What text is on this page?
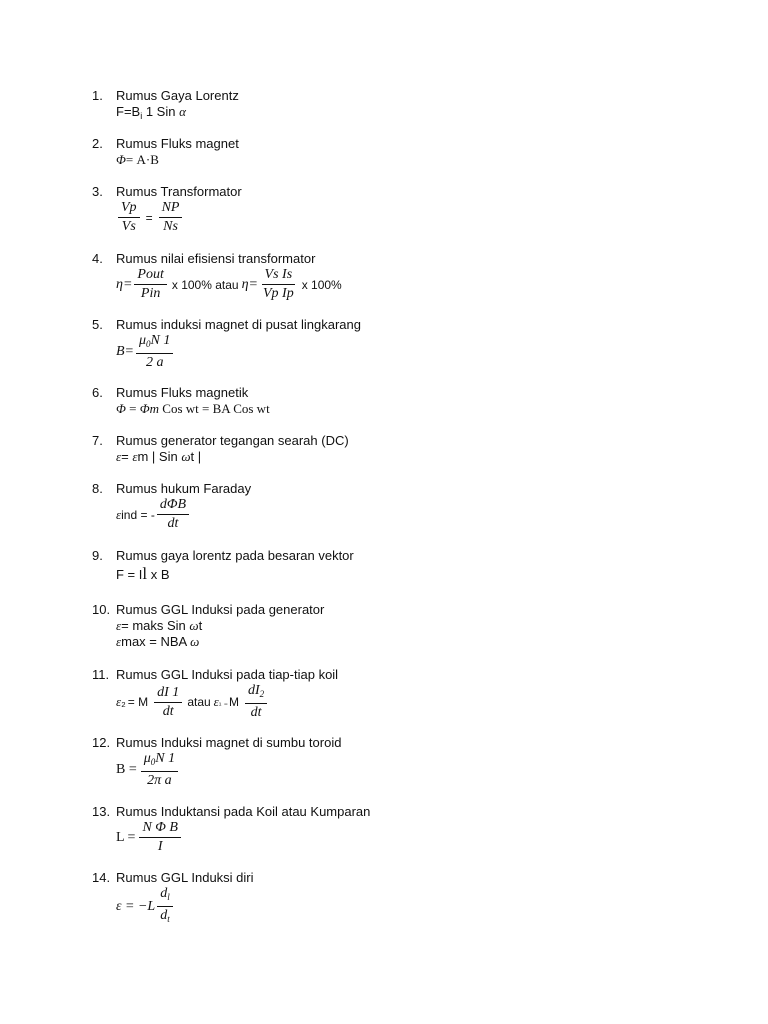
1. Rumus Gaya Lorentz
$F=B_i$ 1 Sin α
2. Rumus Fluks magnet
Φ= A·B
3. Rumus Transformator
$\frac{Vp}{Vs} = \frac{NP}{Ns}$
4. Rumus nilai efisiensi transformator
$\eta= \frac{\text{Pout}}{\text{Pin}}$ x 100% atau $\eta= \frac{\text{Vs Is}}{\text{Vp Ip}}$ x 100%
5. Rumus induksi magnet di pusat lingkarang
$B= \frac{\mu_0N 1}{2 a}$
6. Rumus Fluks magnetik
Φ = Φm Cos wt = BA Cos wt
7. Rumus generator tegangan searah (DC)
ε= εm | Sin ωt |
8. Rumus hukum Faraday
ε ind = - $\frac{\text{dΦB}}{dt}$
9. Rumus gaya lorentz pada besaran vektor
F = Il x B
10. Rumus GGL Induksi pada generator
ε= maks Sin ωt
εmax = NBA ω
11. Rumus GGL Induksi pada tiap-tiap koil
ε ₂ = M $\frac{dI 1}{dt}$ atau ε ₁ ₌ M $\frac{dI_2}{dt}$
12. Rumus Induksi magnet di sumbu toroid
$B = \frac{\mu_0N 1}{\text{2π a}}$
13. Rumus Induktansi pada Koil atau Kumparan
$L = \frac{\text{N Φ B}}{I}$
14. Rumus GGL Induksi diri
$\varepsilon = -L \frac{d_l}{d_t}$
